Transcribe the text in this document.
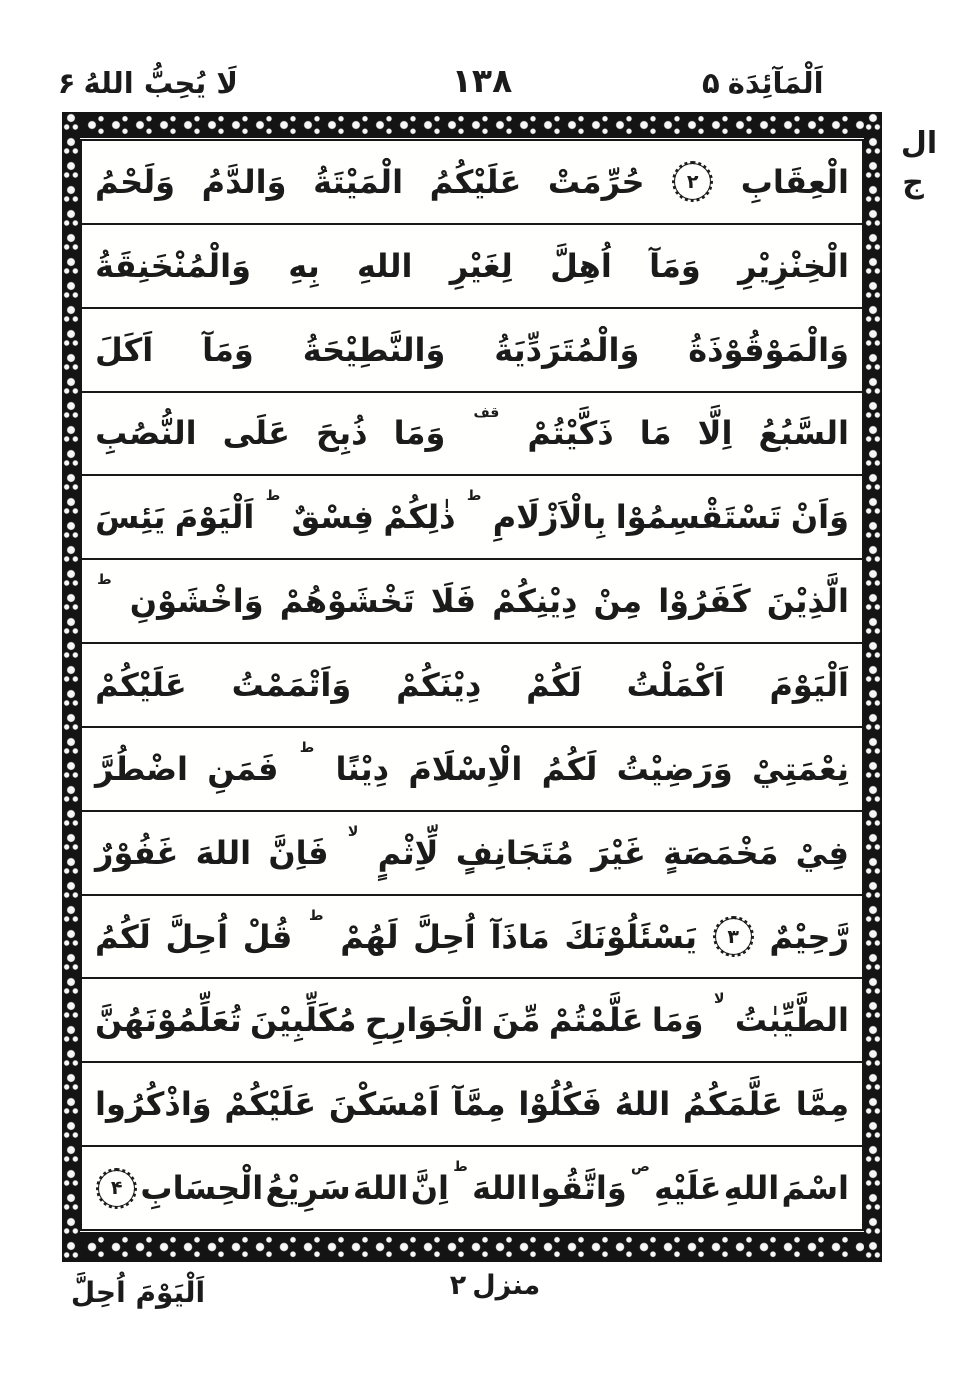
لَا يُحِبُّ اللهُ۶	۱۳۸	اَلْمَآئِدَة۵
الْعِقَابِ
۲
حُرِّمَتْ
عَلَيْكُمُ
الْمَيْتَةُ
وَالدَّمُ
وَلَحْمُ
الْخِنْزِيْرِ
وَمَآ
اُهِلَّ
لِغَيْرِ
اللهِ
بِهِ
وَالْمُنْخَنِقَةُ
وَالْمَوْقُوْذَةُ
وَالْمُتَرَدِّيَةُ
وَالنَّطِيْحَةُ
وَمَآ
اَكَلَ
السَّبُعُ
اِلَّا
مَا
ذَكَّيْتُمْ
قف
وَمَا
ذُبِحَ
عَلَى
النُّصُبِ
وَاَنْ
تَسْتَقْسِمُوْا
بِالْاَزْلَامِ
ط
ذٰلِكُمْ
فِسْقٌ
ط
اَلْيَوْمَ
يَئِسَ
الَّذِيْنَ
كَفَرُوْا
مِنْ
دِيْنِكُمْ
فَلَا
تَخْشَوْهُمْ
وَاخْشَوْنِ
ط
اَلْيَوْمَ
اَكْمَلْتُ
لَكُمْ
دِيْنَكُمْ
وَاَتْمَمْتُ
عَلَيْكُمْ
نِعْمَتِيْ
وَرَضِيْتُ
لَكُمُ
الْاِسْلَامَ
دِيْنًا
ط
فَمَنِ
اضْطُرَّ
فِيْ
مَخْمَصَةٍ
غَيْرَ
مُتَجَانِفٍ
لِّاِثْمٍ
لا
فَاِنَّ
اللهَ
غَفُوْرٌ
رَّحِيْمٌ
۳
يَسْئَلُوْنَكَ
مَاذَآ
اُحِلَّ
لَهُمْ
ط
قُلْ
اُحِلَّ
لَكُمُ
الطَّيِّبٰتُ
لا
وَمَا
عَلَّمْتُمْ
مِّنَ
الْجَوَارِحِ
مُكَلِّبِيْنَ
تُعَلِّمُوْنَهُنَّ
مِمَّا
عَلَّمَكُمُ
اللهُ
فَكُلُوْا
مِمَّآ
اَمْسَكْنَ
عَلَيْكُمْ
وَاذْكُرُوا
اسْمَ
اللهِ
عَلَيْهِ
ص
وَاتَّقُوا
اللهَ
ط
اِنَّ
اللهَ
سَرِيْعُ
الْحِسَابِ
۴
ال
ج
منزل۲
اَلْيَوْمَ اُحِلَّ
